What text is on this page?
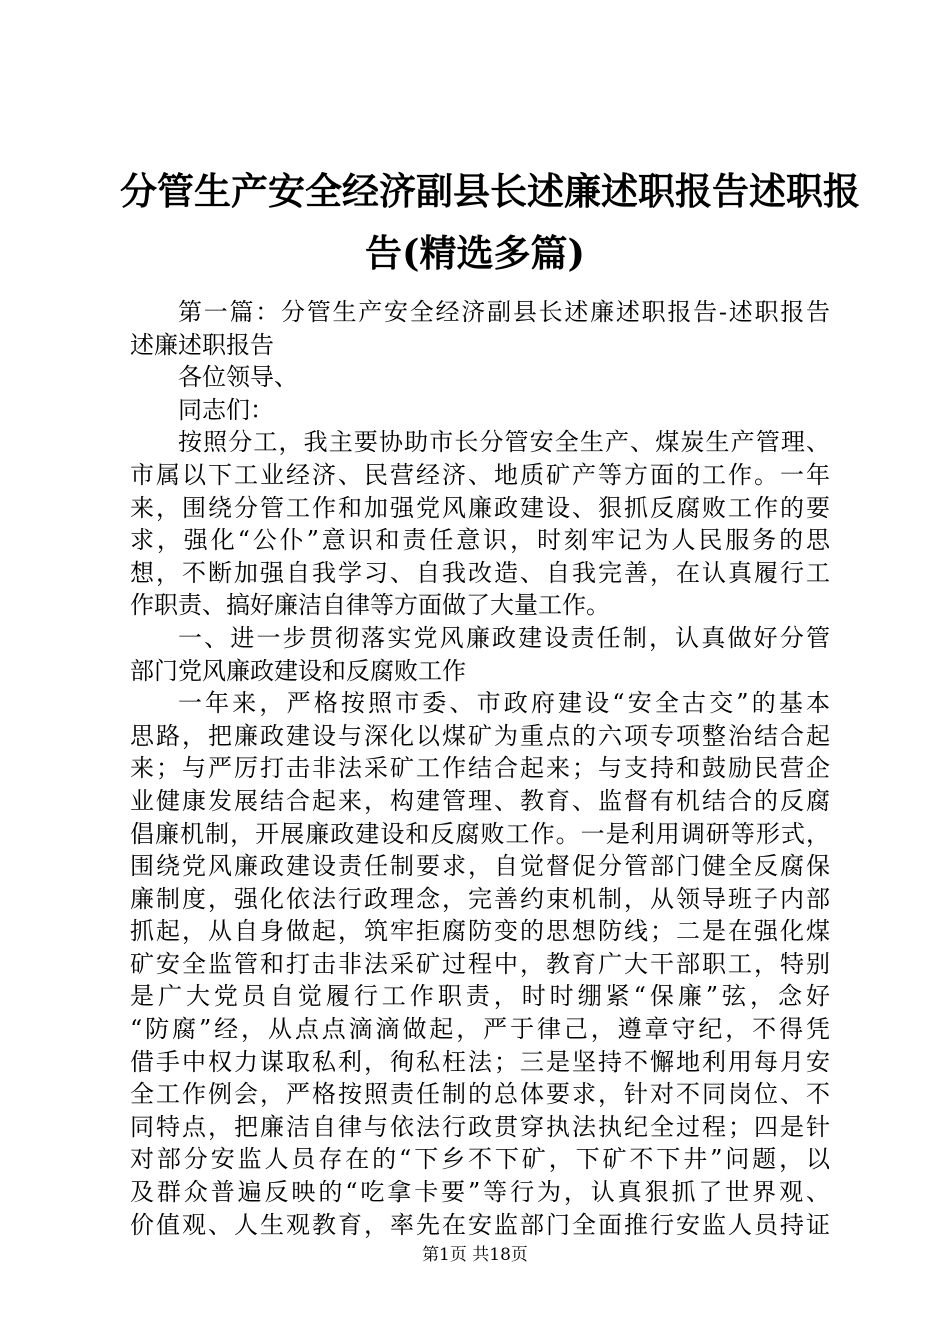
分管生产安全经济副县长述廉述职报告述职报
告(精选多篇)
第一篇：分管生产安全经济副县长述廉述职报告-述职报告
述廉述职报告
各位领导、
同志们：
按照分工，我主要协助市长分管安全生产、煤炭生产管理、
市属以下工业经济、民营经济、地质矿产等方面的工作。一年
来，围绕分管工作和加强党风廉政建设、狠抓反腐败工作的要
求，强化“公仆”意识和责任意识，时刻牢记为人民服务的思
想，不断加强自我学习、自我改造、自我完善，在认真履行工
作职责、搞好廉洁自律等方面做了大量工作。
一、进一步贯彻落实党风廉政建设责任制，认真做好分管
部门党风廉政建设和反腐败工作
一年来，严格按照市委、市政府建设“安全古交”的基本
思路，把廉政建设与深化以煤矿为重点的六项专项整治结合起
来；与严厉打击非法采矿工作结合起来；与支持和鼓励民营企
业健康发展结合起来，构建管理、教育、监督有机结合的反腐
倡廉机制，开展廉政建设和反腐败工作。一是利用调研等形式，
围绕党风廉政建设责任制要求，自觉督促分管部门健全反腐保
廉制度，强化依法行政理念，完善约束机制，从领导班子内部
抓起，从自身做起，筑牢拒腐防变的思想防线；二是在强化煤
矿安全监管和打击非法采矿过程中，教育广大干部职工，特别
是广大党员自觉履行工作职责，时时绷紧“保廉”弦，念好
“防腐”经，从点点滴滴做起，严于律己，遵章守纪，不得凭
借手中权力谋取私利，徇私枉法；三是坚持不懈地利用每月安
全工作例会，严格按照责任制的总体要求，针对不同岗位、不
同特点，把廉洁自律与依法行政贯穿执法执纪全过程；四是针
对部分安监人员存在的“下乡不下矿，下矿不下井”问题，以
及群众普遍反映的“吃拿卡要”等行为，认真狠抓了世界观、
价值观、人生观教育，率先在安监部门全面推行安监人员持证
第1页 共18页
